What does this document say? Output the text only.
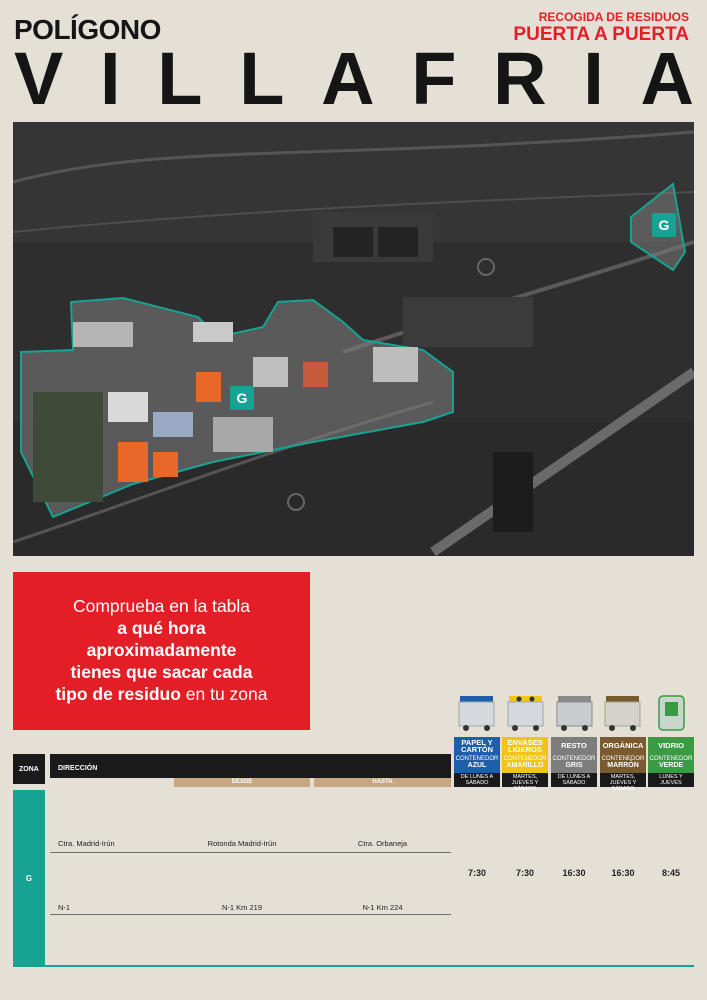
POLÍGONO
V I L L A F R I A
RECOGIDA DE RESIDUOS
PUERTA A PUERTA
G
G
Comprueba en la tabla
a qué hora
aproximadamente
tienes que sacar cada
tipo de residuo en tu zona
PAPEL Y CARTÓN
CONTENEDOR
AZUL
DE LUNES A SÁBADO
ENVASES LIGEROS
CONTENEDOR
AMARILLO
MARTES, JUEVES Y SÁBADO
RESTO
CONTENEDOR
GRIS
DE LUNES A SÁBADO
ORGÁNICA
CONTENEDOR
MARRÓN
MARTES, JUEVES Y SÁBADO
VIDRIO
CONTENEDOR
VERDE
LUNES Y JUEVES
ZONA	DIRECCIÓN
DESDE	HASTA
G
Ctra. Madrid-Irún	Rotonda Madrid-Irún	Ctra. Orbaneja
N-1	N-1 Km 219	N-1 Km 224
7:30	7:30	16:30	16:30	8:45
